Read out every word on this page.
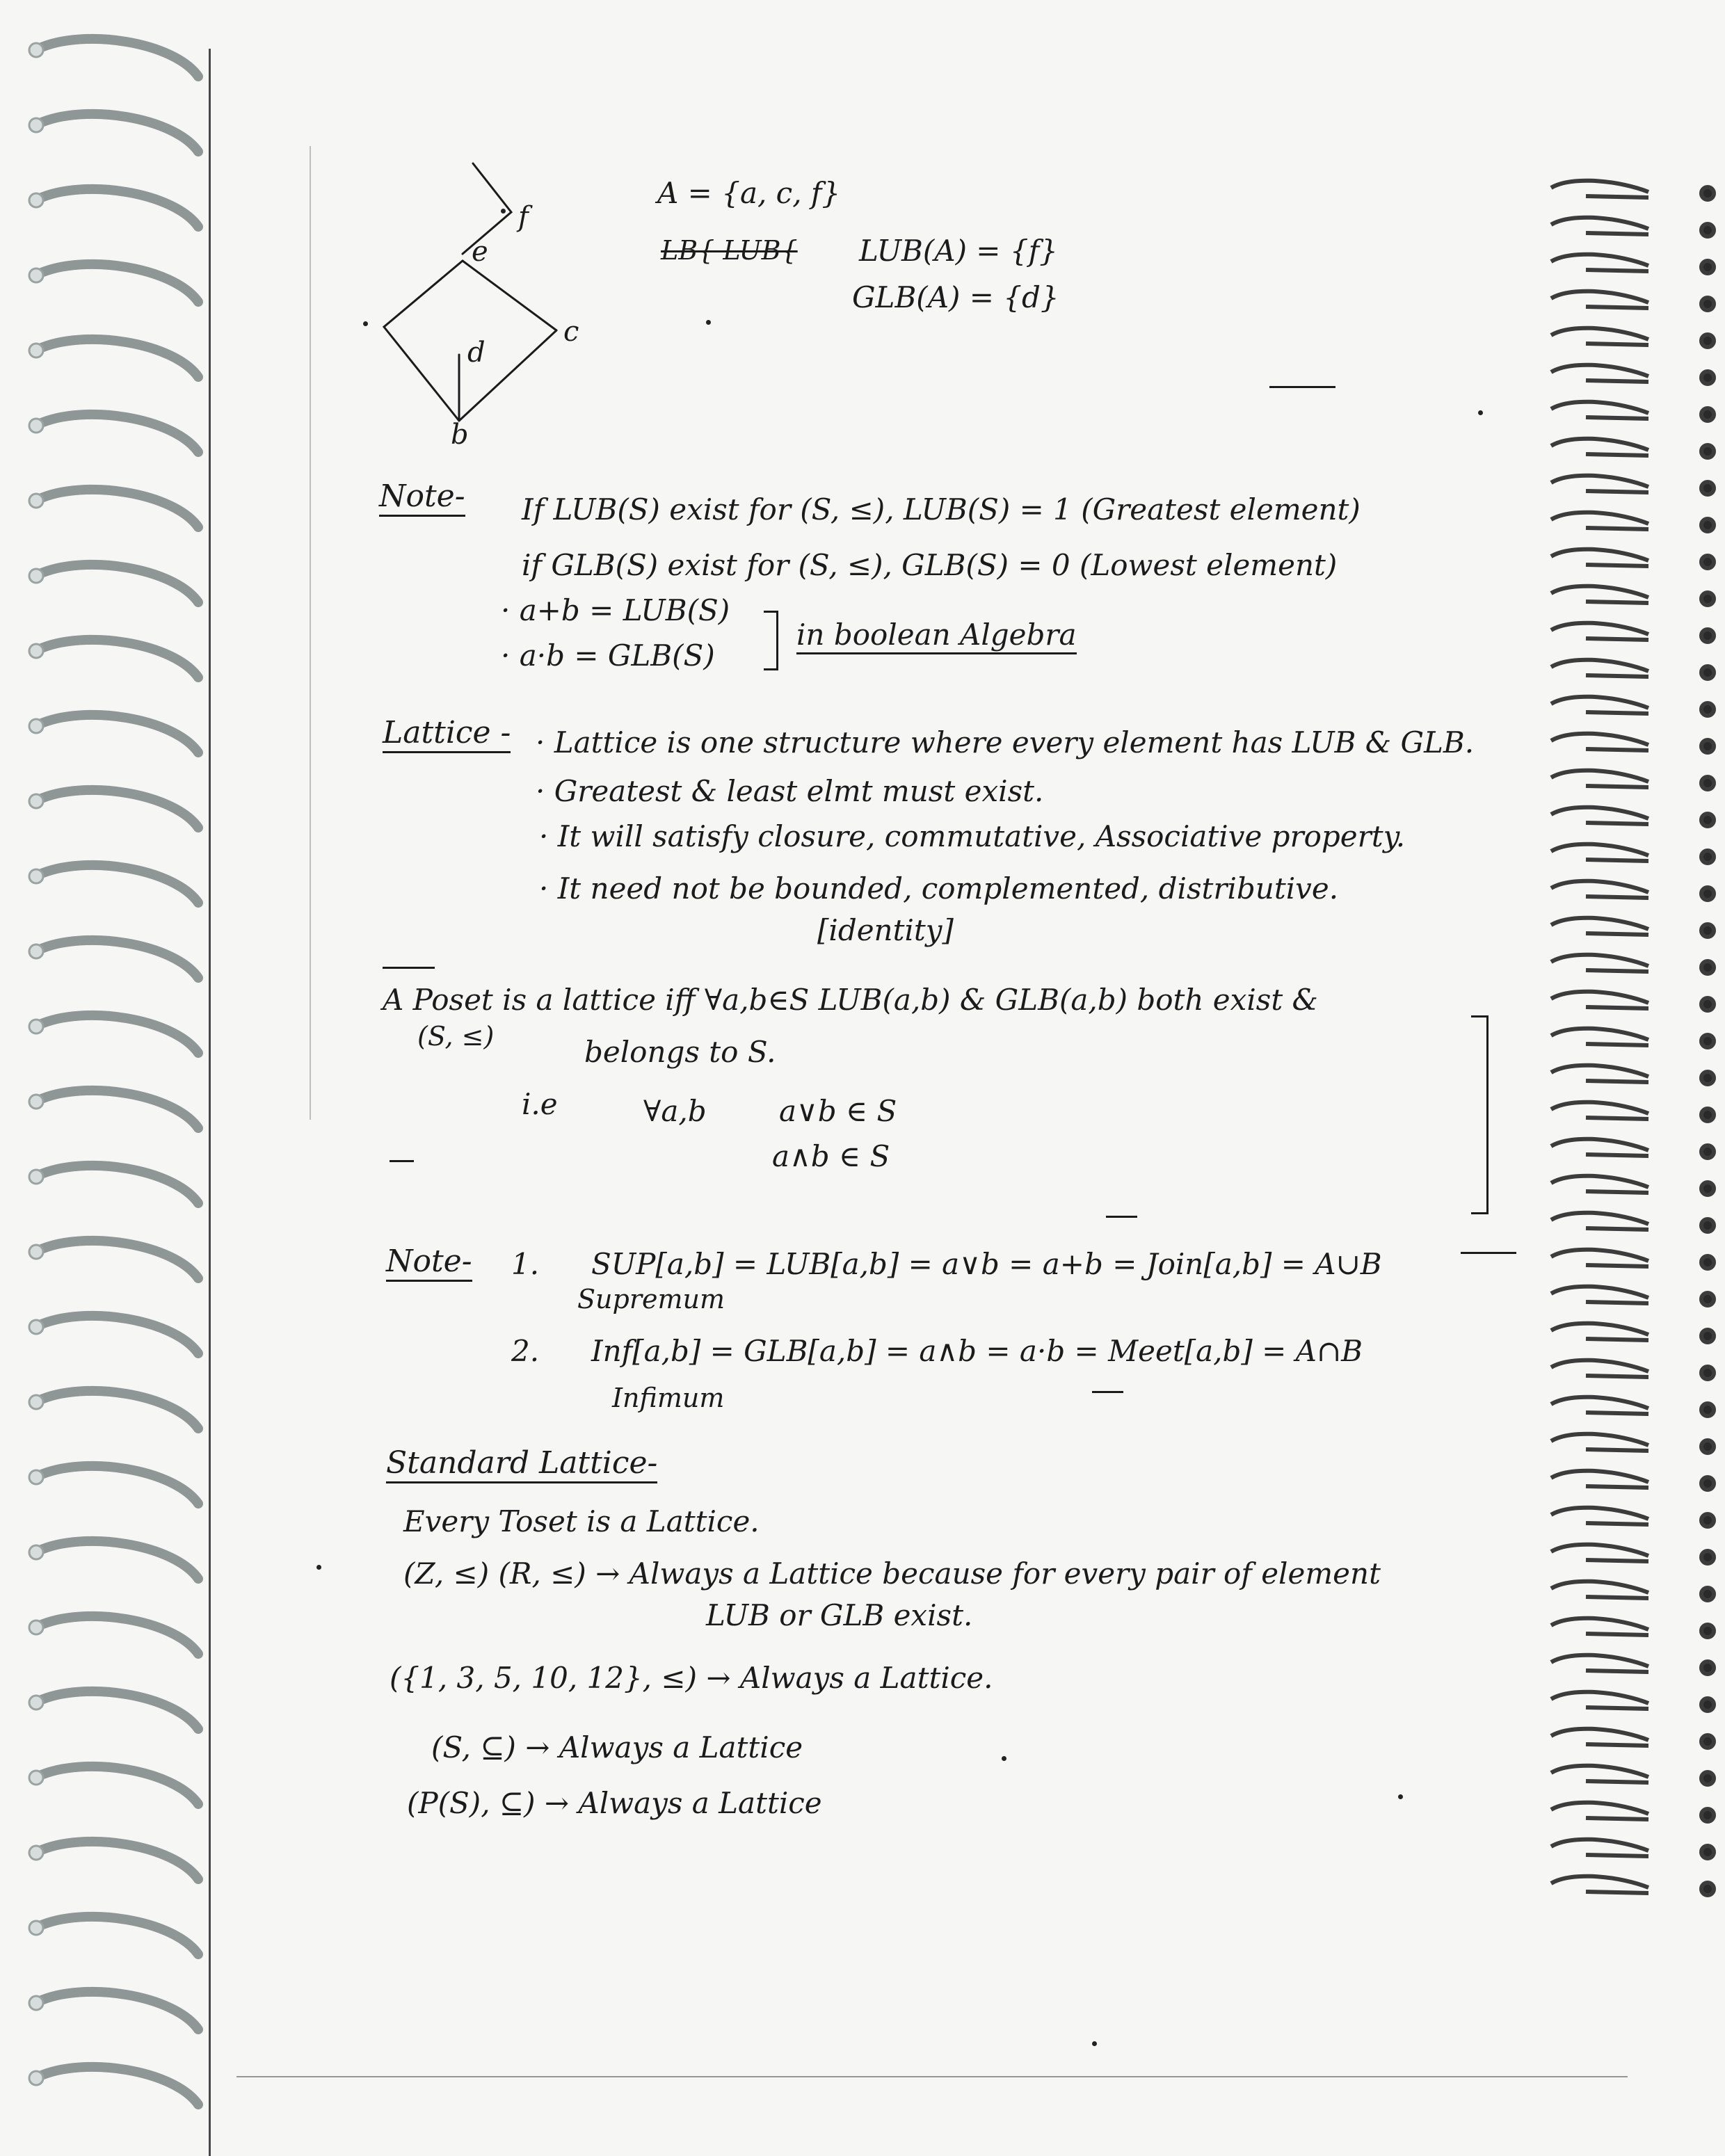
f
e
d
c
b
A = {a, c, f}
LB{ LUB{ LUB(A) = {f}
GLB(A) = {d}
Note- If LUB(S) exist for (S, ≤), LUB(S) = 1 (Greatest element)
if GLB(S) exist for (S, ≤), GLB(S) = 0 (Lowest element)
· a+b = LUB(S)
· a·b = GLB(S)
in boolean Algebra
Lattice - · Lattice is one structure where every element has LUB & GLB.
· Greatest & least elmt must exist.
· It will satisfy closure, commutative, Associative property.
· It need not be bounded, complemented, distributive.
[identity]
A Poset is a lattice iff ∀a,b∈S LUB(a,b) & GLB(a,b) both exist &
(S, ≤)	belongs to S.
i.e	∀a,b a∨b ∈ S
a∧b ∈ S
Note- 1. SUP[a,b] = LUB[a,b] = a∨b = a+b = Join[a,b] = A∪B
Supremum
2. Inf[a,b] = GLB[a,b] = a∧b = a·b = Meet[a,b] = A∩B
Infimum
Standard Lattice-
Every Toset is a Lattice.
(Z, ≤) (R, ≤) → Always a Lattice because for every pair of element
LUB or GLB exist.
({1, 3, 5, 10, 12}, ≤) → Always a Lattice.
(S, ⊆) → Always a Lattice
(P(S), ⊆) → Always a Lattice
